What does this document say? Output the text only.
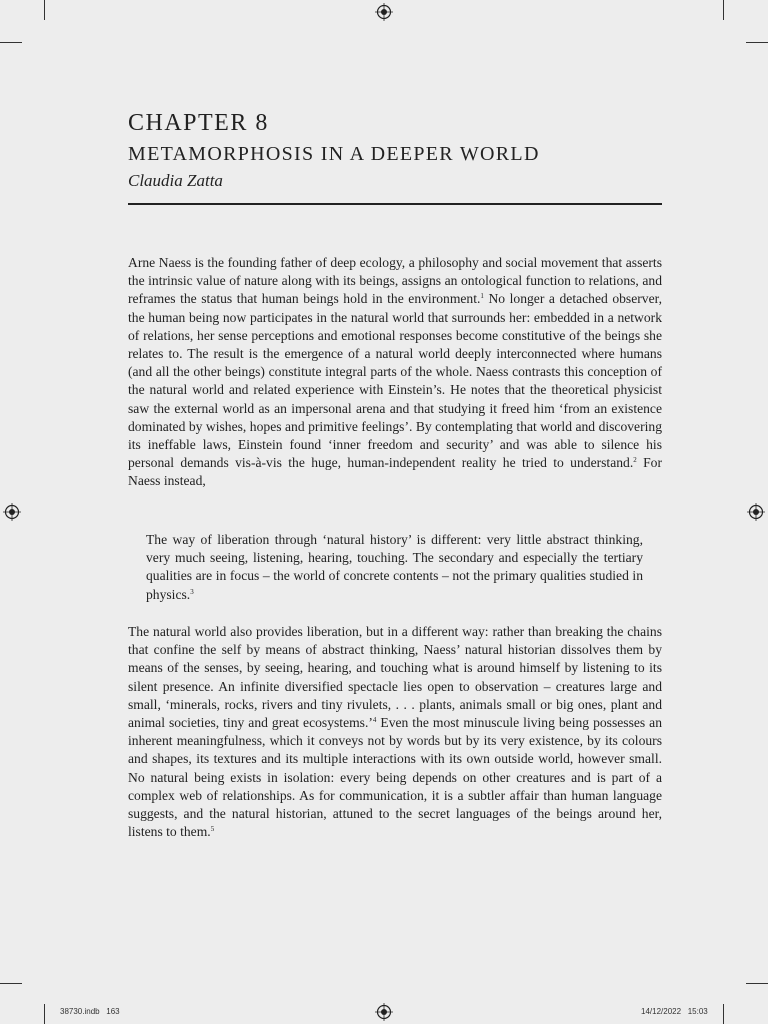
CHAPTER 8
METAMORPHOSIS IN A DEEPER WORLD
Claudia Zatta
Arne Naess is the founding father of deep ecology, a philosophy and social movement that asserts the intrinsic value of nature along with its beings, assigns an ontological function to relations, and reframes the status that human beings hold in the environment.$^1$ No longer a detached observer, the human being now participates in the natural world that surrounds her: embedded in a network of relations, her sense perceptions and emotional responses become constitutive of the beings she relates to. The result is the emergence of a natural world deeply interconnected where humans (and all the other beings) constitute integral parts of the whole. Naess contrasts this conception of the natural world and related experience with Einstein’s. He notes that the theoretical physicist saw the external world as an impersonal arena and that studying it freed him ‘from an existence dominated by wishes, hopes and primitive feelings’. By contemplating that world and discovering its ineffable laws, Einstein found ‘inner freedom and security’ and was able to silence his personal demands vis-à-vis the huge, human-independent reality he tried to understand.$^2$ For Naess instead,
The way of liberation through ‘natural history’ is different: very little abstract thinking, very much seeing, listening, hearing, touching. The secondary and especially the tertiary qualities are in focus – the world of concrete contents – not the primary qualities studied in physics.$^3$
The natural world also provides liberation, but in a different way: rather than breaking the chains that confine the self by means of abstract thinking, Naess’ natural historian dissolves them by means of the senses, by seeing, hearing, and touching what is around himself by listening to its silent presence. An infinite diversified spectacle lies open to observation – creatures large and small, ‘minerals, rocks, rivers and tiny rivulets, . . . plants, animals small or big ones, plant and animal societies, tiny and great ecosystems.’$^4$ Even the most minuscule living being possesses an inherent meaningfulness, which it conveys not by words but by its very existence, by its colours and shapes, its textures and its multiple interactions with its own outside world, however small. No natural being exists in isolation: every being depends on other creatures and is part of a complex web of relationships. As for communication, it is a subtler affair than human language suggests, and the natural historian, attuned to the secret languages of the beings around her, listens to them.$^5$
38730.indb   163	14/12/2022   15:03
